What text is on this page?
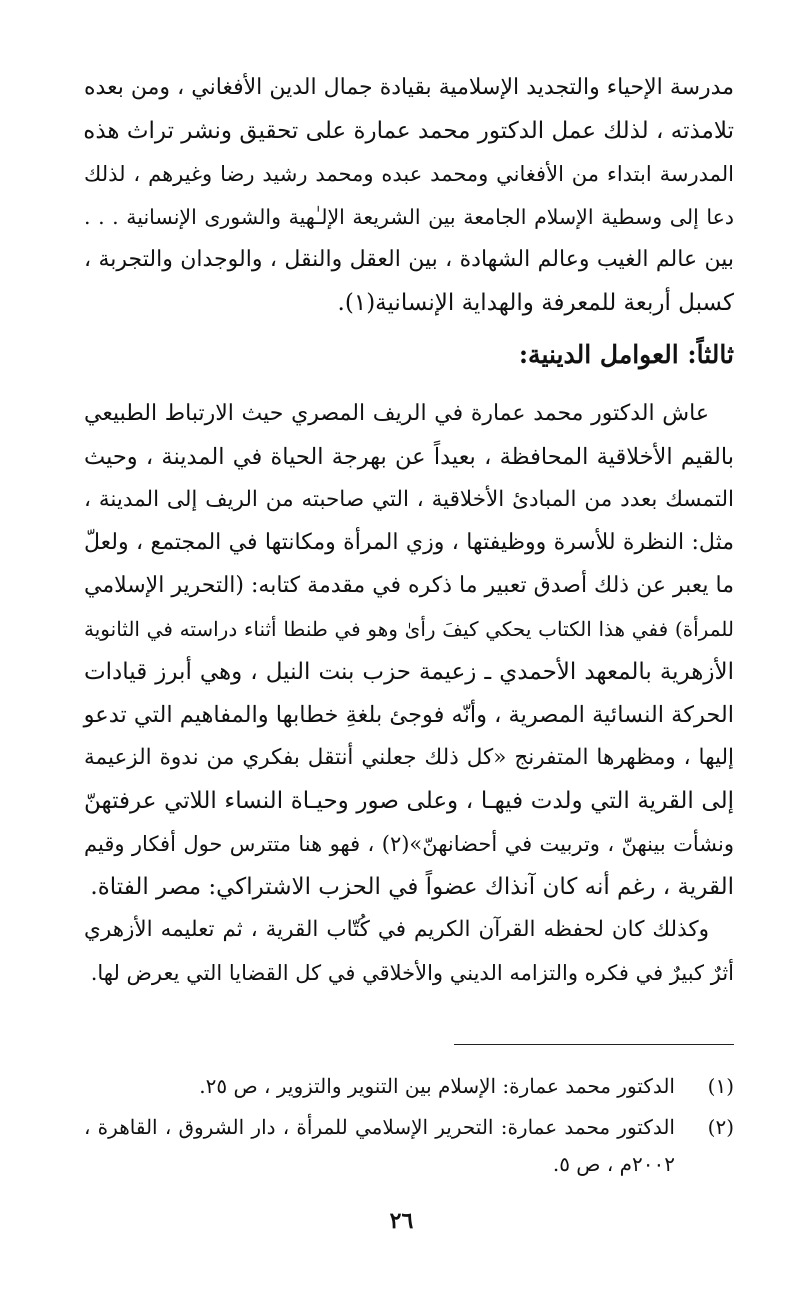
مدرسة الإحياء والتجديد الإسلامية بقيادة جمال الدين الأفغاني ، ومن بعده
تلامذته ، لذلك عمل الدكتور محمد عمارة على تحقيق ونشر تراث هذه
المدرسة ابتداء من الأفغاني ومحمد عبده ومحمد رشيد رضا وغيرهم ، لذلك
دعا إلى وسطية الإسلام الجامعة بين الشريعة الإلـٰهية والشورى الإنسانية . . .
بين عالم الغيب وعالم الشهادة ، بين العقل والنقل ، والوجدان والتجربة ،
كسبل أربعة للمعرفة والهداية الإنسانية(١).
ثالثاً: العوامل الدينية:
عاش الدكتور محمد عمارة في الريف المصري حيث الارتباط الطبيعي
بالقيم الأخلاقية المحافظة ، بعيداً عن بهرجة الحياة في المدينة ، وحيث
التمسك بعدد من المبادئ الأخلاقية ، التي صاحبته من الريف إلى المدينة ،
مثل: النظرة للأسرة ووظيفتها ، وزي المرأة ومكانتها في المجتمع ، ولعلّ
ما يعبر عن ذلك أصدق تعبير ما ذكره في مقدمة كتابه: (التحرير الإسلامي
للمرأة) ففي هذا الكتاب يحكي كيفَ رأىٰ وهو في طنطا أثناء دراسته في الثانوية
الأزهرية بالمعهد الأحمدي ـ زعيمة حزب بنت النيل ، وهي أبرز قيادات
الحركة النسائية المصرية ، وأنّه فوجئ بلغةِ خطابها والمفاهيم التي تدعو
إليها ، ومظهرها المتفرنج «كل ذلك جعلني أنتقل بفكري من ندوة الزعيمة
إلى القرية التي ولدت فيهـا ، وعلى صور وحيـاة النساء اللاتي عرفتهنّ
ونشأت بينهنّ ، وتربيت في أحضانهنّ»(٢) ، فهو هنا متترس حول أفكار وقيم
القرية ، رغم أنه كان آنذاك عضواً في الحزب الاشتراكي: مصر الفتاة.
وكذلك كان لحفظه القرآن الكريم في كُتّاب القرية ، ثم تعليمه الأزهري
أثرٌ كبيرٌ في فكره والتزامه الديني والأخلاقي في كل القضايا التي يعرض لها.
(١)
الدكتور محمد عمارة: الإسلام بين التنوير والتزوير ، ص ٢٥.
(٢)
الدكتور محمد عمارة: التحرير الإسلامي للمرأة ، دار الشروق ، القاهرة ،
٢٠٠٢م ، ص ٥.
٢٦
